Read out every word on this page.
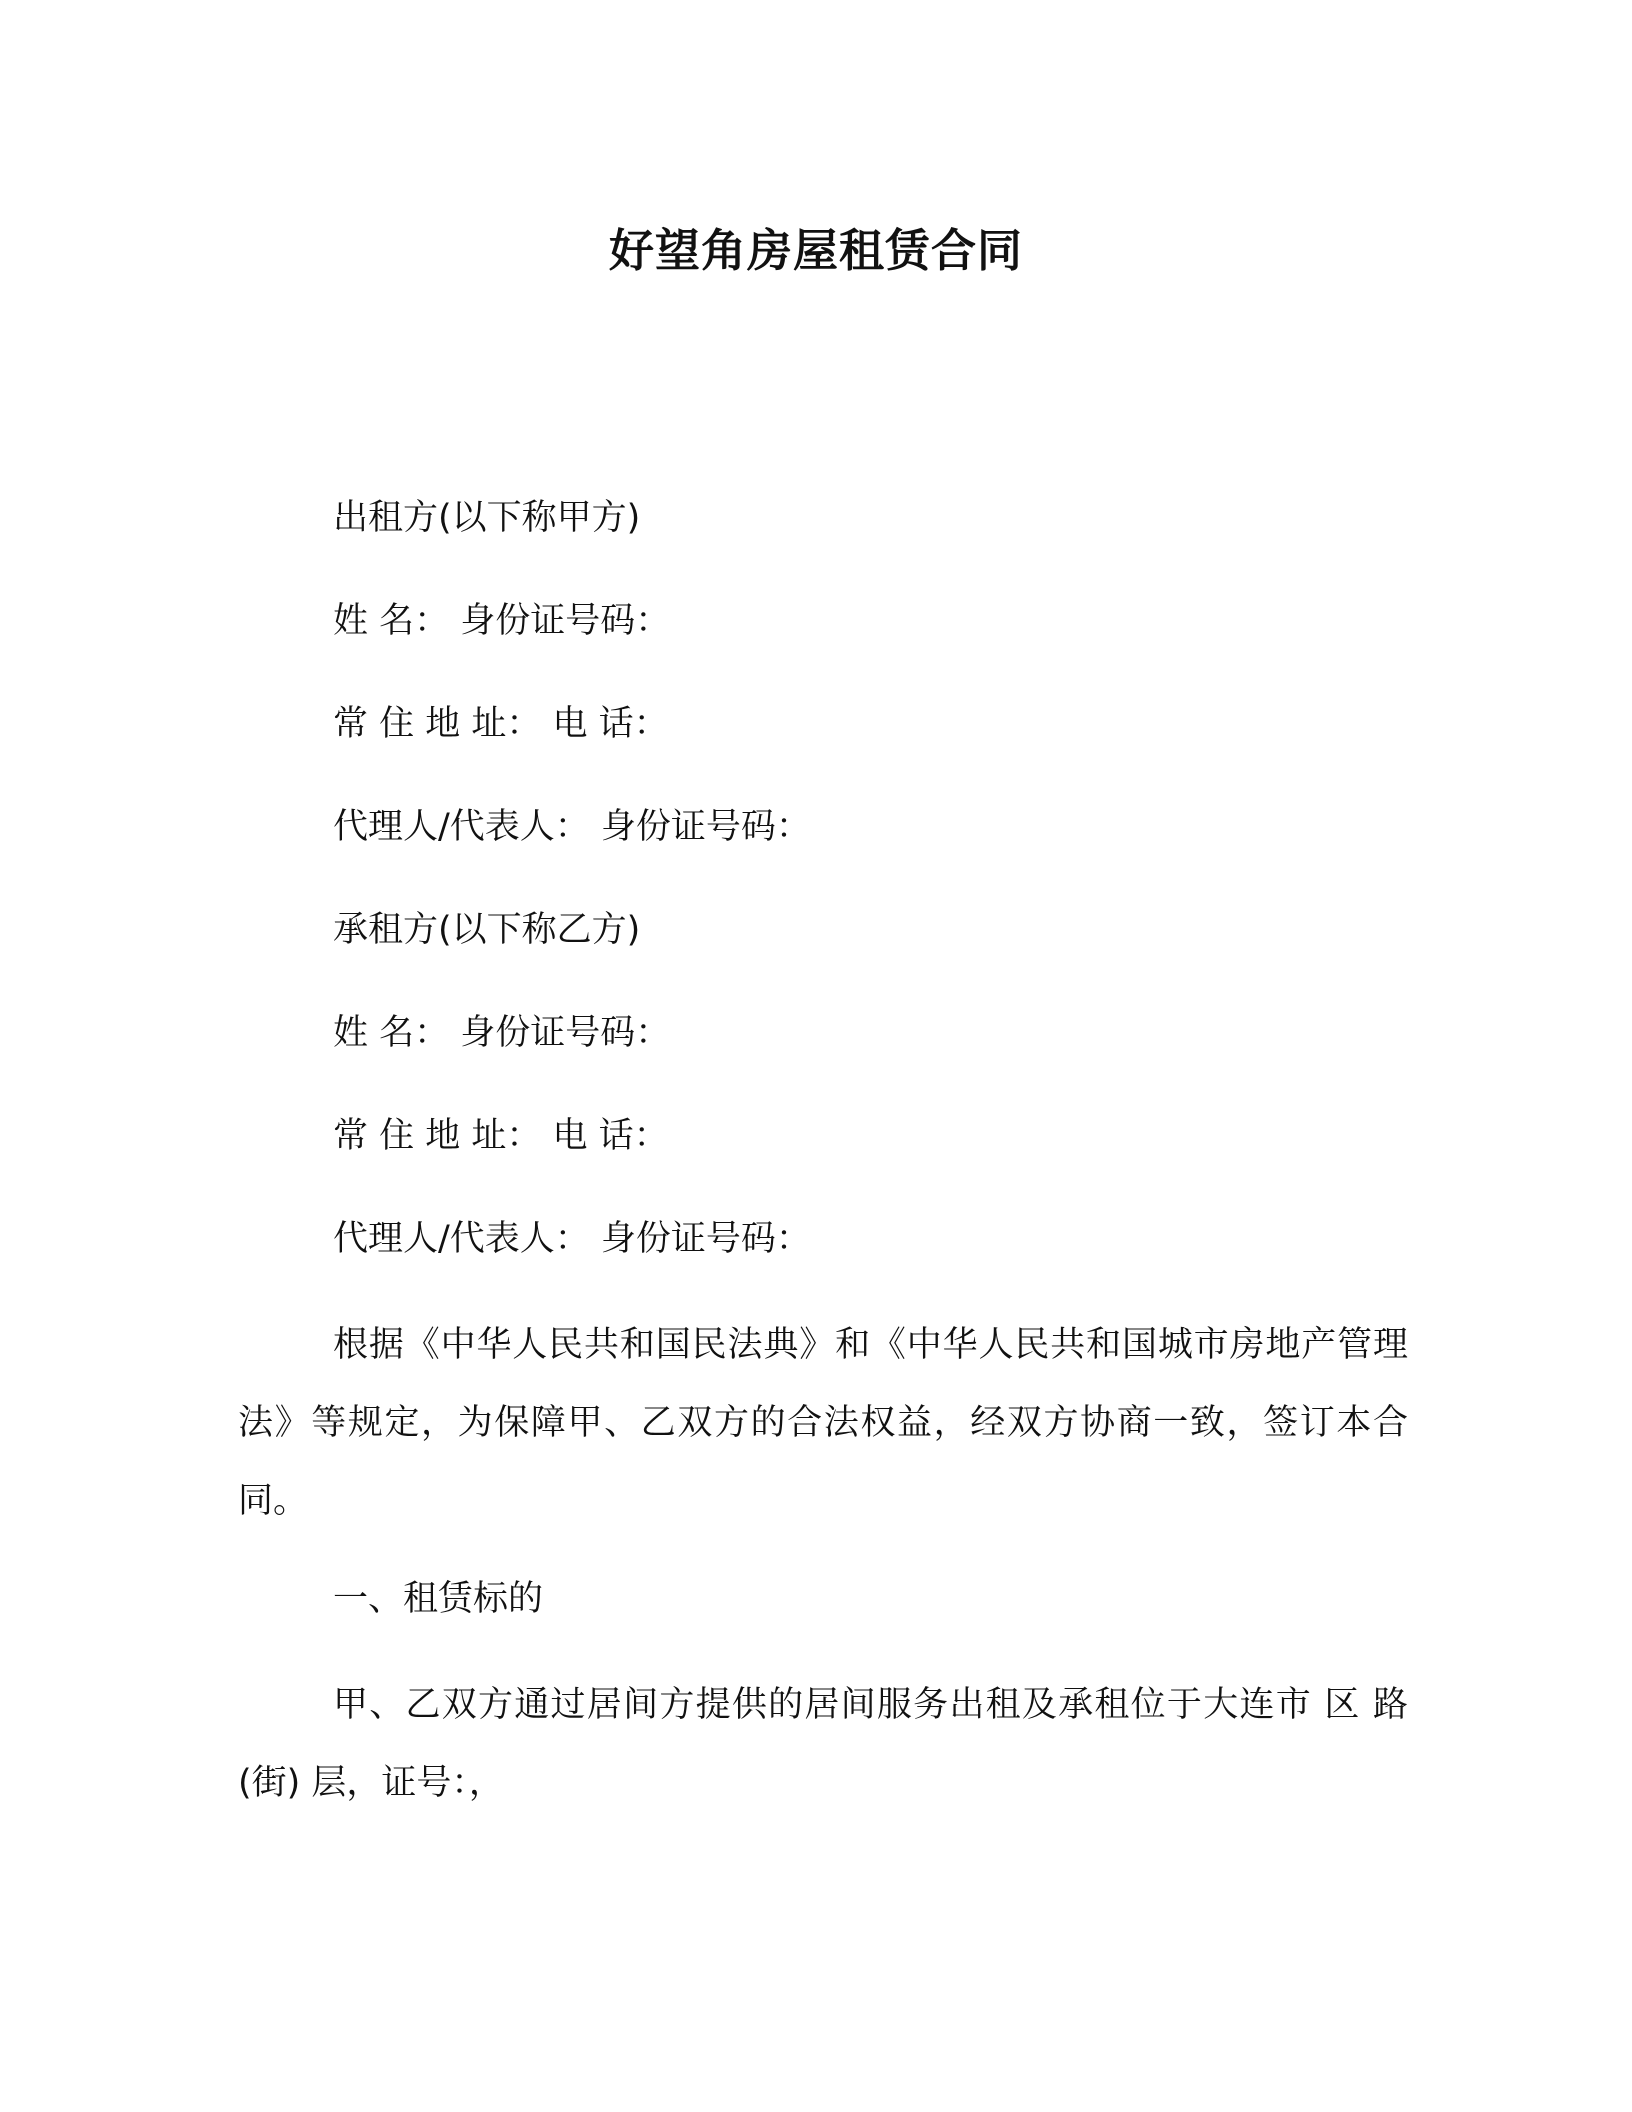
好望角房屋租赁合同
出租方(以下称甲方)
姓 名： 身份证号码：
常 住 地 址： 电 话：
代理人/代表人： 身份证号码：
承租方(以下称乙方)
姓 名： 身份证号码：
常 住 地 址： 电 话：
代理人/代表人： 身份证号码：
根据《中华人民共和国民法典》和《中华人民共和国城市房地产管理法》等规定，为保障甲、乙双方的合法权益，经双方协商一致，签订本合同。
一、租赁标的
甲、乙双方通过居间方提供的居间服务出租及承租位于大连市 区 路(街) 层，证号：，
